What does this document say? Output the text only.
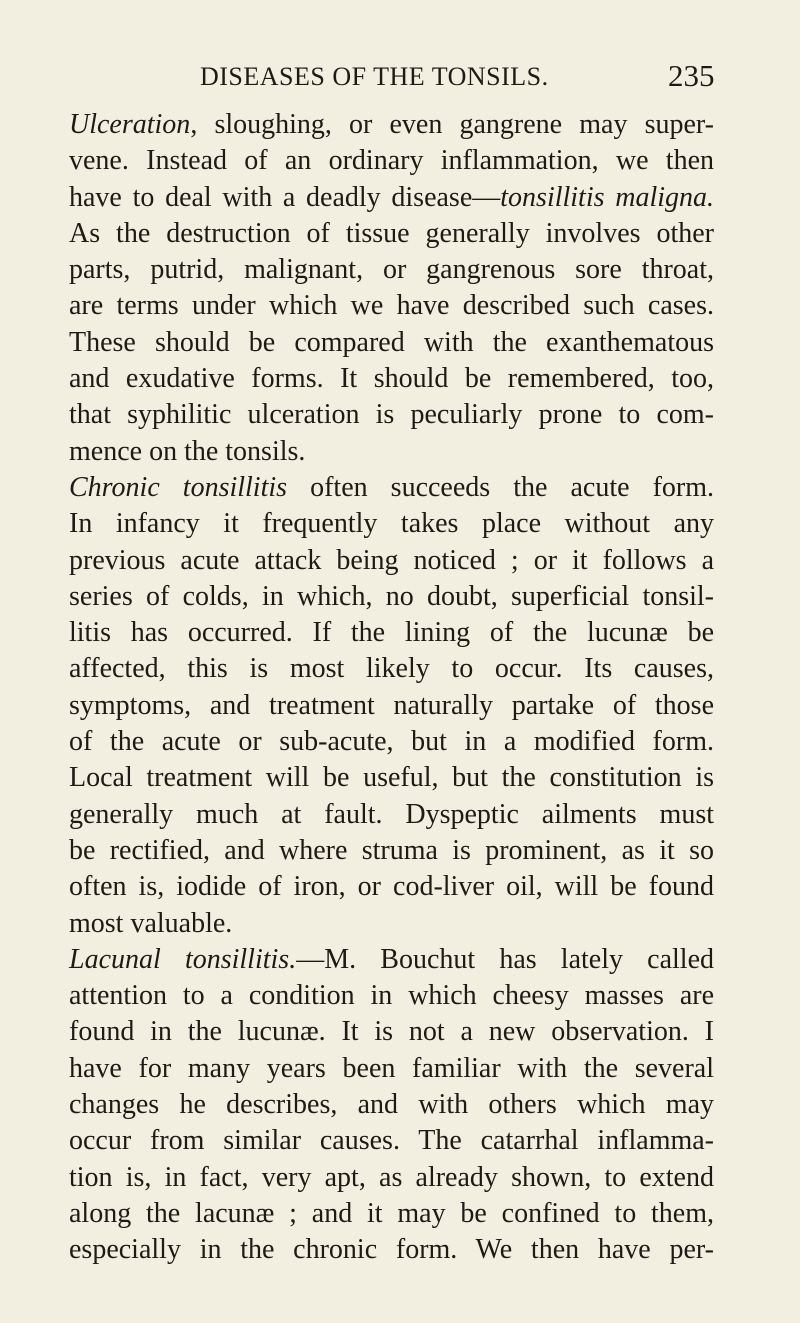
DISEASES OF THE TONSILS.	235
Ulceration, sloughing, or even gangrene may super-
vene. Instead of an ordinary inflammation, we then
have to deal with a deadly disease—tonsillitis maligna.
As the destruction of tissue generally involves other
parts, putrid, malignant, or gangrenous sore throat,
are terms under which we have described such cases.
These should be compared with the exanthematous
and exudative forms. It should be remembered, too,
that syphilitic ulceration is peculiarly prone to com-
mence on the tonsils.
Chronic tonsillitis often succeeds the acute form.
In infancy it frequently takes place without any
previous acute attack being noticed ; or it follows a
series of colds, in which, no doubt, superficial tonsil-
litis has occurred. If the lining of the lucunæ be
affected, this is most likely to occur. Its causes,
symptoms, and treatment naturally partake of those
of the acute or sub-acute, but in a modified form.
Local treatment will be useful, but the constitution is
generally much at fault. Dyspeptic ailments must
be rectified, and where struma is prominent, as it so
often is, iodide of iron, or cod-liver oil, will be found
most valuable.
Lacunal tonsillitis.—M. Bouchut has lately called
attention to a condition in which cheesy masses are
found in the lucunæ. It is not a new observation. I
have for many years been familiar with the several
changes he describes, and with others which may
occur from similar causes. The catarrhal inflamma-
tion is, in fact, very apt, as already shown, to extend
along the lacunæ ; and it may be confined to them,
especially in the chronic form. We then have per-
